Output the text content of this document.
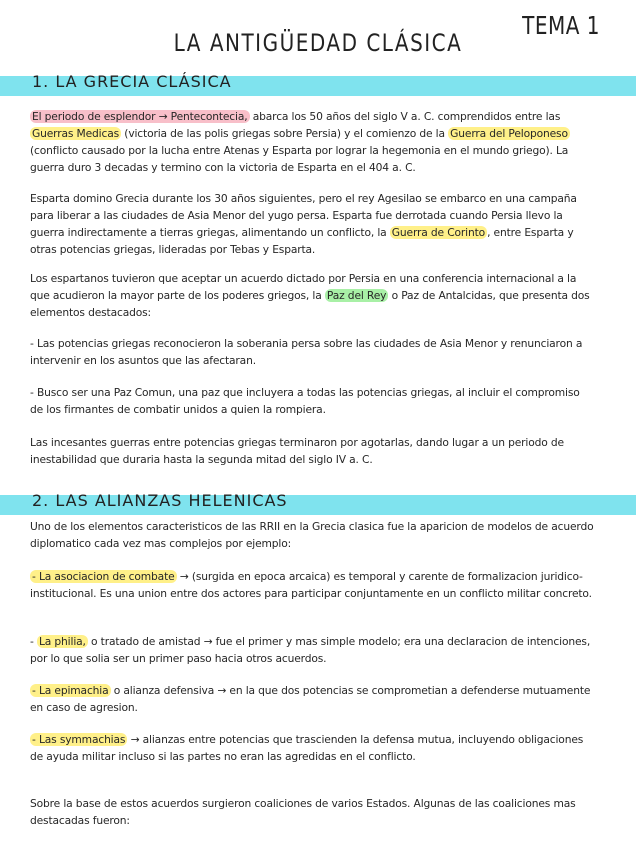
TEMA 1
LA ANTIGÜEDAD CLÁSICA
1. LA GRECIA CLÁSICA
El periodo de esplendor → Pentecontecia, abarca los 50 años del siglo V a. C. comprendidos entre las Guerras Medicas (victoria de las polis griegas sobre Persia) y el comienzo de la Guerra del Peloponeso (conflicto causado por la lucha entre Atenas y Esparta por lograr la hegemonia en el mundo griego). La guerra duro 3 decadas y termino con la victoria de Esparta en el 404 a. C.
Esparta domino Grecia durante los 30 años siguientes, pero el rey Agesilao se embarco en una campaña para liberar a las ciudades de Asia Menor del yugo persa. Esparta fue derrotada cuando Persia llevo la guerra indirectamente a tierras griegas, alimentando un conflicto, la Guerra de Corinto , entre Esparta y otras potencias griegas, lideradas por Tebas y Esparta.
Los espartanos tuvieron que aceptar un acuerdo dictado por Persia en una conferencia internacional a la que acudieron la mayor parte de los poderes griegos, la Paz del Rey o Paz de Antalcidas, que presenta dos elementos destacados:
- Las potencias griegas reconocieron la soberania persa sobre las ciudades de Asia Menor y renunciaron a intervenir en los asuntos que las afectaran.
- Busco ser una Paz Comun, una paz que incluyera a todas las potencias griegas, al incluir el compromiso de los firmantes de combatir unidos a quien la rompiera.
Las incesantes guerras entre potencias griegas terminaron por agotarlas, dando lugar a un periodo de inestabilidad que duraria hasta la segunda mitad del siglo IV a. C.
2. LAS ALIANZAS HELENICAS
Uno de los elementos caracteristicos de las RRII en la Grecia clasica fue la aparicion de modelos de acuerdo diplomatico cada vez mas complejos por ejemplo:
- La asociacion de combate → (surgida en epoca arcaica) es temporal y carente de formalizacion juridico-institucional. Es una union entre dos actores para participar conjuntamente en un conflicto militar concreto.
- La philia, o tratado de amistad → fue el primer y mas simple modelo; era una declaracion de intenciones, por lo que solia ser un primer paso hacia otros acuerdos.
- La epimachia o alianza defensiva → en la que dos potencias se comprometian a defenderse mutuamente en caso de agresion.
- Las symmachias → alianzas entre potencias que trascienden la defensa mutua, incluyendo obligaciones de ayuda militar incluso si las partes no eran las agredidas en el conflicto.
Sobre la base de estos acuerdos surgieron coaliciones de varios Estados. Algunas de las coaliciones mas destacadas fueron:
